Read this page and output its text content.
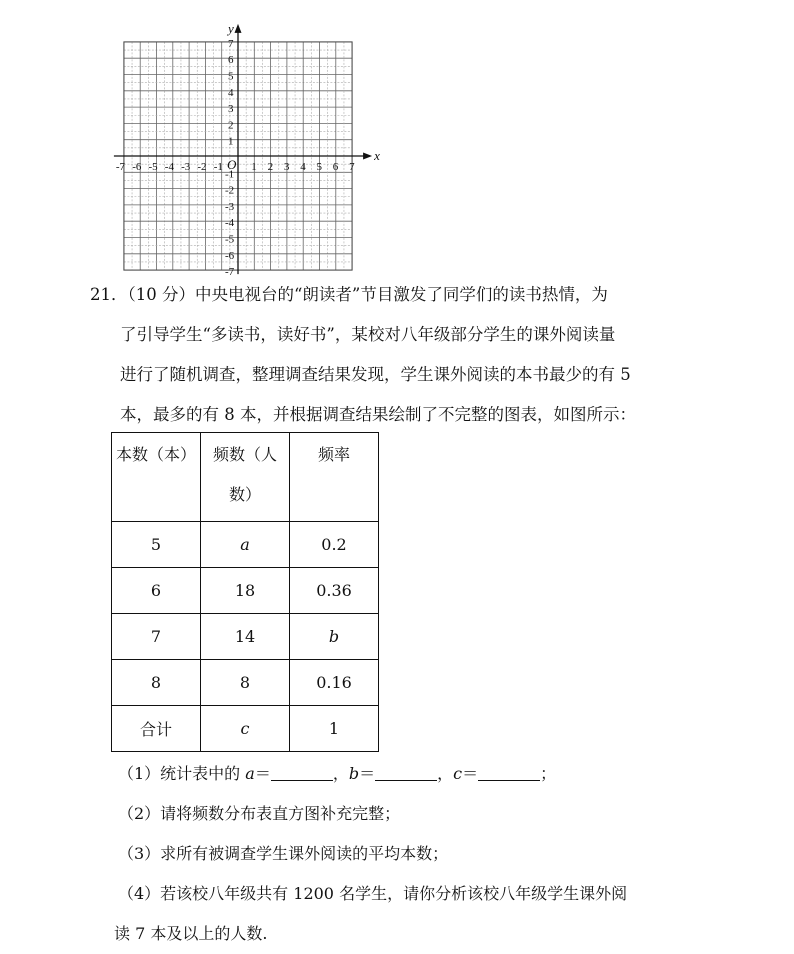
x
y
O
-7 -6 -5 -4 -3 -2 -1	1 2 3 4 5 6 7
7
6
5
4
3
2
1
-1
-2
-3
-4
-5
-6
-7
21．（10 分）中央电视台的“朗读者”节目激发了同学们的读书热情，为
了引导学生“多读书，读好书”，某校对八年级部分学生的课外阅读量
进行了随机调查，整理调查结果发现，学生课外阅读的本书最少的有 5
本，最多的有 8 本，并根据调查结果绘制了不完整的图表，如图所示：
本数（本）	频数（人
数）	频率
5	a	0.2
6	18	0.36
7	14	b
8	8	0.16
合计	c	1
（1）统计表中的 a＝	，b＝	，c＝	；
（2）请将频数分布表直方图补充完整；
（3）求所有被调查学生课外阅读的平均本数；
（4）若该校八年级共有 1200 名学生，请你分析该校八年级学生课外阅
读 7 本及以上的人数.
